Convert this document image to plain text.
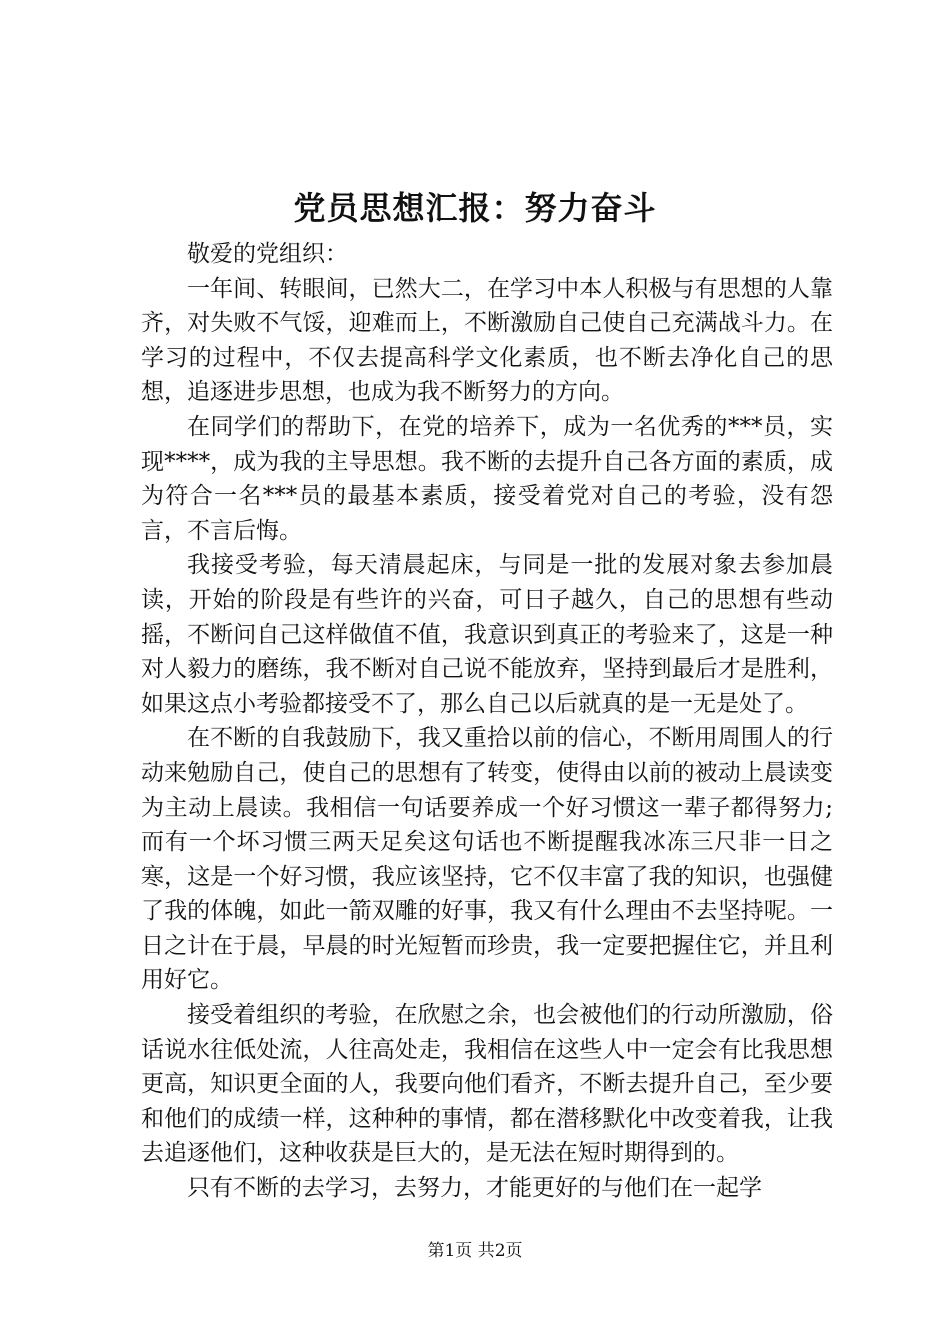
党员思想汇报：努力奋斗

敬爱的党组织：

一年间、转眼间，已然大二，在学习中本人积极与有思想的人靠齐，对失败不气馁，迎难而上，不断激励自己使自己充满战斗力。在学习的过程中，不仅去提高科学文化素质，也不断去净化自己的思想，追逐进步思想，也成为我不断努力的方向。

在同学们的帮助下，在党的培养下，成为一名优秀的***员，实现****，成为我的主导思想。我不断的去提升自己各方面的素质，成为符合一名***员的最基本素质，接受着党对自己的考验，没有怨言，不言后悔。

我接受考验，每天清晨起床，与同是一批的发展对象去参加晨读，开始的阶段是有些许的兴奋，可日子越久，自己的思想有些动摇，不断问自己这样做值不值，我意识到真正的考验来了，这是一种对人毅力的磨练，我不断对自己说不能放弃，坚持到最后才是胜利，如果这点小考验都接受不了，那么自己以后就真的是一无是处了。

在不断的自我鼓励下，我又重拾以前的信心，不断用周围人的行动来勉励自己，使自己的思想有了转变，使得由以前的被动上晨读变为主动上晨读。我相信一句话要养成一个好习惯这一辈子都得努力;而有一个坏习惯三两天足矣这句话也不断提醒我冰冻三尺非一日之寒，这是一个好习惯，我应该坚持，它不仅丰富了我的知识，也强健了我的体魄，如此一箭双雕的好事，我又有什么理由不去坚持呢。一日之计在于晨，早晨的时光短暂而珍贵，我一定要把握住它，并且利用好它。

接受着组织的考验，在欣慰之余，也会被他们的行动所激励，俗话说水往低处流，人往高处走，我相信在这些人中一定会有比我思想更高，知识更全面的人，我要向他们看齐，不断去提升自己，至少要和他们的成绩一样，这种种的事情，都在潜移默化中改变着我，让我去追逐他们，这种收获是巨大的，是无法在短时期得到的。

只有不断的去学习，去努力，才能更好的与他们在一起学

第1页 共2页
